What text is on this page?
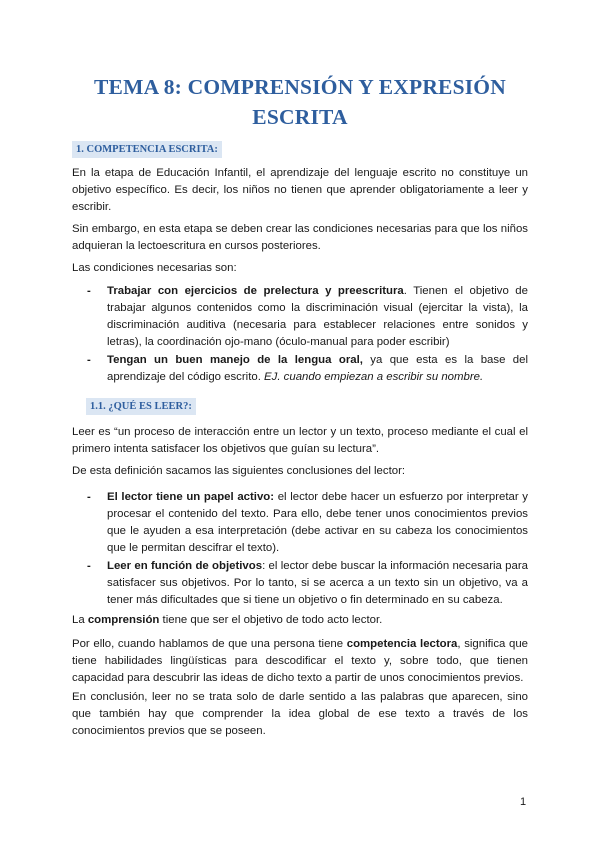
TEMA 8: COMPRENSIÓN Y EXPRESIÓN
ESCRITA
1. COMPETENCIA ESCRITA:

En la etapa de Educación Infantil, el aprendizaje del lenguaje escrito no constituye un objetivo específico. Es decir, los niños no tienen que aprender obligatoriamente a leer y escribir.

Sin embargo, en esta etapa se deben crear las condiciones necesarias para que los niños adquieran la lectoescritura en cursos posteriores.

Las condiciones necesarias son:

- Trabajar con ejercicios de prelectura y preescritura. Tienen el objetivo de trabajar algunos contenidos como la discriminación visual (ejercitar la vista), la discriminación auditiva (necesaria para establecer relaciones entre sonidos y letras), la coordinación ojo-mano (óculo-manual para poder escribir)
- Tengan un buen manejo de la lengua oral, ya que esta es la base del aprendizaje del código escrito. EJ. cuando empiezan a escribir su nombre.
1.1. ¿QUÉ ES LEER?:

Leer es “un proceso de interacción entre un lector y un texto, proceso mediante el cual el primero intenta satisfacer los objetivos que guían su lectura”.

De esta definición sacamos las siguientes conclusiones del lector:

- El lector tiene un papel activo: el lector debe hacer un esfuerzo por interpretar y procesar el contenido del texto. Para ello, debe tener unos conocimientos previos que le ayuden a esa interpretación (debe activar en su cabeza los conocimientos que le permitan descifrar el texto).
- Leer en función de objetivos: el lector debe buscar la información necesaria para satisfacer sus objetivos. Por lo tanto, si se acerca a un texto sin un objetivo, va a tener más dificultades que si tiene un objetivo o fin determinado en su cabeza.

La comprensión tiene que ser el objetivo de todo acto lector.

Por ello, cuando hablamos de que una persona tiene competencia lectora, significa que tiene habilidades lingüísticas para descodificar el texto y, sobre todo, que tienen capacidad para descubrir las ideas de dicho texto a partir de unos conocimientos previos.

En conclusión, leer no se trata solo de darle sentido a las palabras que aparecen, sino que también hay que comprender la idea global de ese texto a través de los conocimientos previos que se poseen.

1
